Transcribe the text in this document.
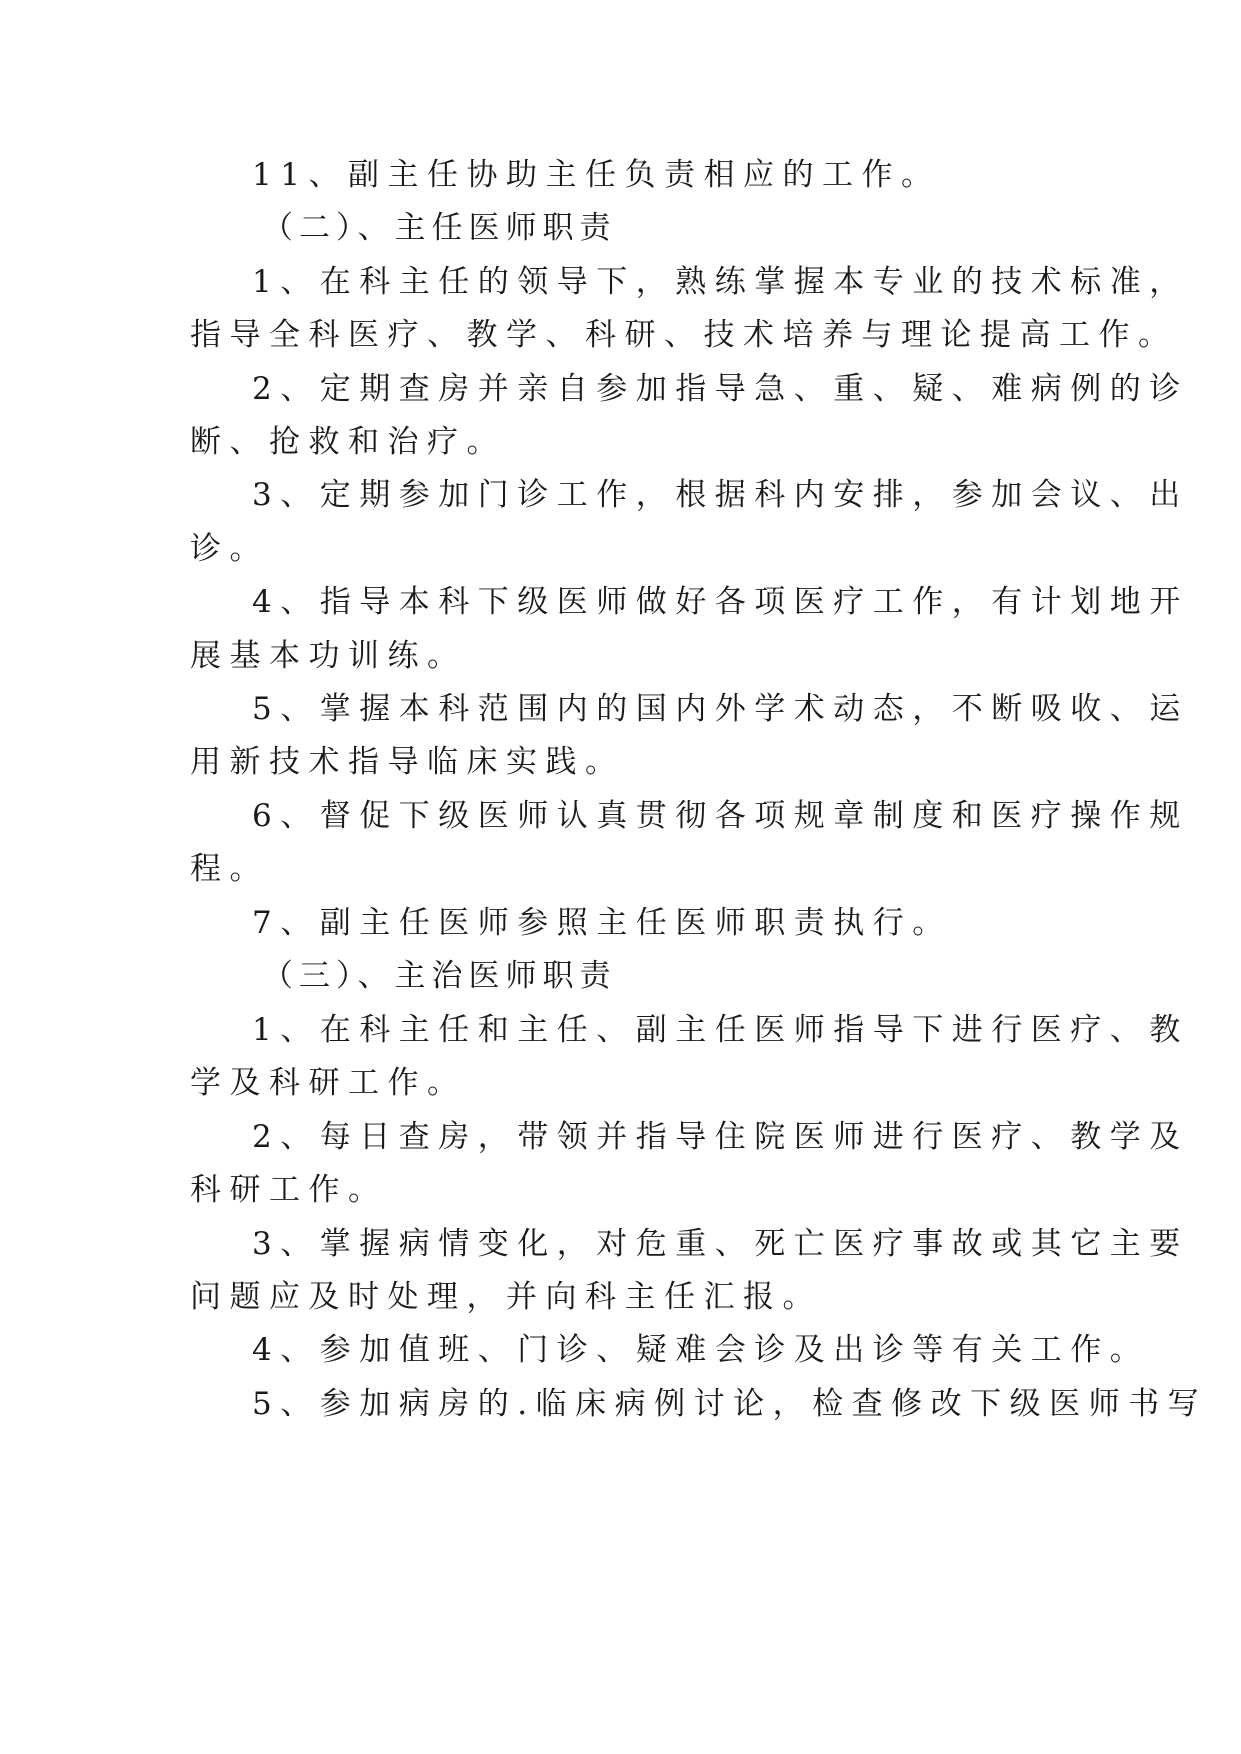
11、副主任协助主任负责相应的工作。
（二）、主任医师职责
1、在科主任的领导下，熟练掌握本专业的技术标准，
指导全科医疗、教学、科研、技术培养与理论提高工作。
2、定期查房并亲自参加指导急、重、疑、难病例的诊
断、抢救和治疗。
3、定期参加门诊工作，根据科内安排，参加会议、出
诊。
4、指导本科下级医师做好各项医疗工作，有计划地开
展基本功训练。
5、掌握本科范围内的国内外学术动态，不断吸收、运
用新技术指导临床实践。
6、督促下级医师认真贯彻各项规章制度和医疗操作规
程。
7、副主任医师参照主任医师职责执行。
（三）、主治医师职责
1、在科主任和主任、副主任医师指导下进行医疗、教
学及科研工作。
2、每日查房，带领并指导住院医师进行医疗、教学及
科研工作。
3、掌握病情变化，对危重、死亡医疗事故或其它主要
问题应及时处理，并向科主任汇报。
4、参加值班、门诊、疑难会诊及出诊等有关工作。
5、参加病房的.临床病例讨论，检查修改下级医师书写
